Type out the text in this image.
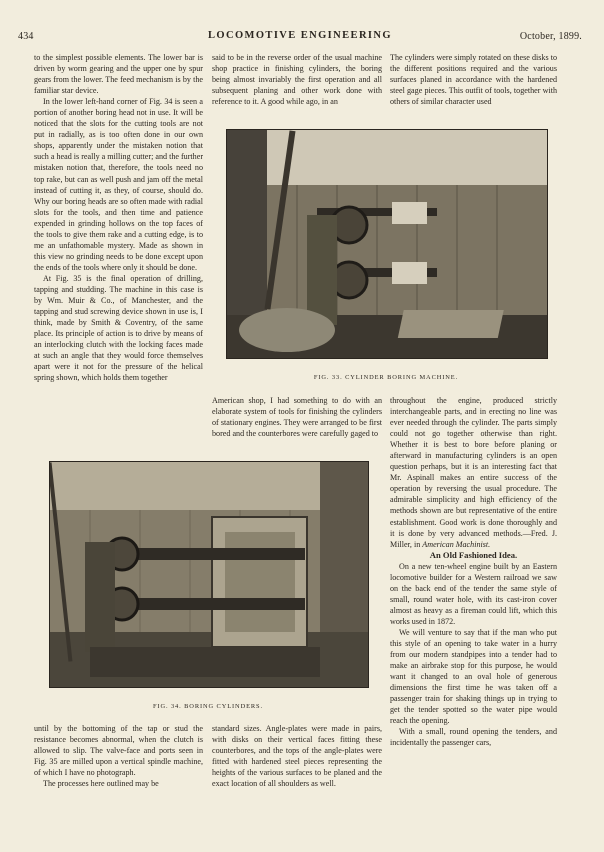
434	LOCOMOTIVE ENGINEERING	October, 1899.

to the simplest possible elements. The lower bar is driven by worm gearing and the upper one by spur gears from the lower. The feed mechanism is by the familiar star device.

In the lower left-hand corner of Fig. 34 is seen a portion of another boring head not in use. It will be noticed that the slots for the cutting tools are not put in radially, as is too often done in our own shops, apparently under the mistaken notion that such a head is really a milling cutter; and the further mistaken notion that, therefore, the tools need no top rake, but can as well push and jam off the metal instead of cutting it, as they, of course, should do. Why our boring heads are so often made with radial slots for the tools, and then time and patience expended in grinding hollows on the top faces of the tools to give them rake and a cutting edge, is to me an unfathomable mystery. Made as shown in this view no grinding needs to be done except upon the ends of the tools where only it should be done.

At Fig. 35 is the final operation of drilling, tapping and studding. The machine in this case is by Wm. Muir & Co., of Manchester, and the tapping and stud screwing device shown in use is, I think, made by Smith & Coventry, of the same place. Its principle of action is to drive by means of an interlocking clutch with the locking faces made at such an angle that they would force themselves apart were it not for the pressure of the helical spring shown, which holds them together

said to be in the reverse order of the usual machine shop practice in finishing cylinders, the boring being almost invariably the first operation and all subsequent planing and other work done with reference to it. A good while ago, in an

The cylinders were simply rotated on these disks to the different positions required and the various surfaces planed in accordance with the hardened steel gage pieces. This outfit of tools, together with others of similar character used

FIG. 33. CYLINDER BORING MACHINE.

American shop, I had something to do with an elaborate system of tools for finishing the cylinders of stationary engines. They were arranged to be first bored and the counterbores were carefully gaged to

throughout the engine, produced strictly interchangeable parts, and in erecting no line was ever needed through the cylinder. The parts simply could not go together otherwise than right. Whether it is best to bore before planing or afterward in manufacturing cylinders is an open question perhaps, but it is an interesting fact that Mr. Aspinall makes an entire success of the operation by reversing the usual procedure. The admirable simplicity and high efficiency of the methods shown are but representative of the entire establishment. Good work is done thoroughly and it is done by very advanced methods.—Fred. J. Miller, in American Machinist.

An Old Fashioned Idea.

On a new ten-wheel engine built by an Eastern locomotive builder for a Western railroad we saw on the back end of the tender the same style of small, round water hole, with its cast-iron cover almost as heavy as a fireman could lift, which this works used in 1872.

We will venture to say that if the man who put this style of an opening to take water in a hurry from our modern standpipes into a tender had to make an airbrake stop for this purpose, he would want it changed to an oval hole of generous dimensions the first time he was taken off a passenger train for shaking things up in trying to get the tender spotted so the water pipe would reach the opening.

With a small, round opening the tenders, and incidentally the passenger cars,

FIG. 34. BORING CYLINDERS.

until by the bottoming of the tap or stud the resistance becomes abnormal, when the clutch is allowed to slip. The valve-face and ports seen in Fig. 35 are milled upon a vertical spindle machine, of which I have no photograph.

The processes here outlined may be

standard sizes. Angle-plates were made in pairs, with disks on their vertical faces fitting these counterbores, and the tops of the angle-plates were fitted with hardened steel pieces representing the heights of the various surfaces to be planed and the exact location of all shoulders as well.
